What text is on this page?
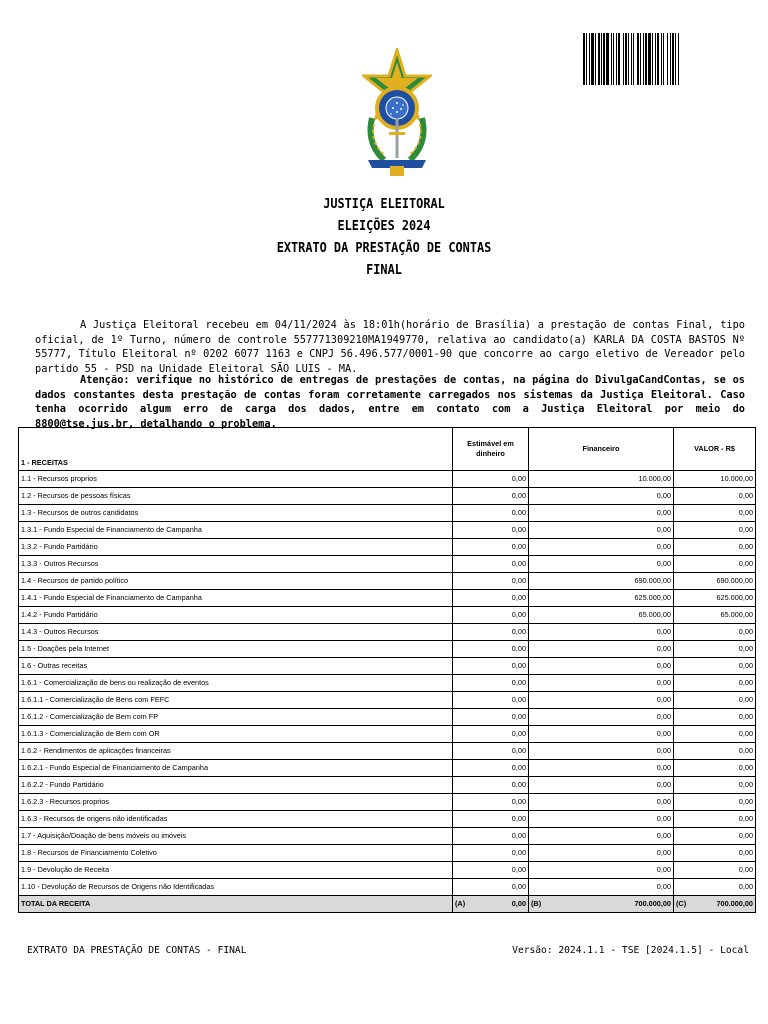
JUSTIÇA ELEITORAL
ELEIÇÕES 2024
EXTRATO DA PRESTAÇÃO DE CONTAS
FINAL

A Justiça Eleitoral recebeu em 04/11/2024 às 18:01h(horário de Brasília) a prestação de contas Final, tipo oficial, de 1º Turno, número de controle 557771309210MA1949770, relativa ao candidato(a) KARLA DA COSTA BASTOS Nº 55777, Título Eleitoral nº 0202 6077 1163 e CNPJ 56.496.577/0001-90 que concorre ao cargo eletivo de Vereador pelo partido 55 - PSD na Unidade Eleitoral SÃO LUIS - MA.

Atenção: verifique no histórico de entregas de prestações de contas, na página do DivulgaCandContas, se os dados constantes desta prestação de contas foram corretamente carregados nos sistemas da Justiça Eleitoral. Caso tenha ocorrido algum erro de carga dos dados, entre em contato com a Justiça Eleitoral por meio do 8800@tse.jus.br, detalhando o problema.

1 - RECEITAS	Estimável em dinheiro	Financeiro	VALOR - R$
1.1 - Recursos proprios	0,00	10.000,00	10.000,00
1.2 - Recursos de pessoas físicas	0,00	0,00	0,00
1.3 - Recursos de outros candidatos	0,00	0,00	0,00
1.3.1 - Fundo Especial de Financiamento de Campanha	0,00	0,00	0,00
1.3.2 - Fundo Partidário	0,00	0,00	0,00
1.3.3 - Outros Recursos	0,00	0,00	0,00
1.4 - Recursos de partido político	0,00	690.000,00	690.000,00
1.4.1 - Fundo Especial de Financiamento de Campanha	0,00	625.000,00	625.000,00
1.4.2 - Fundo Partidário	0,00	65.000,00	65.000,00
1.4.3 - Outros Recursos	0,00	0,00	0,00
1.5 - Doações pela Internet	0,00	0,00	0,00
1.6 - Outras receitas	0,00	0,00	0,00
1.6.1 - Comercialização de bens ou realização de eventos	0,00	0,00	0,00
1.6.1.1 - Comercialização de Bens com FEFC	0,00	0,00	0,00
1.6.1.2 - Comercialização de Bem com FP	0,00	0,00	0,00
1.6.1.3 - Comercialização de Bem com OR	0,00	0,00	0,00
1.6.2 - Rendimentos de aplicações financeiras	0,00	0,00	0,00
1.6.2.1 - Fundo Especial de Financiamento de Campanha	0,00	0,00	0,00
1.6.2.2 - Fundo Partidário	0,00	0,00	0,00
1.6.2.3 - Recursos proprios	0,00	0,00	0,00
1.6.3 - Recursos de origens não identificadas	0,00	0,00	0,00
1.7 - Aquisição/Doação de bens móveis ou imóveis	0,00	0,00	0,00
1.8 - Recursos de Financiamento Coletivo	0,00	0,00	0,00
1.9 - Devolução de Receita	0,00	0,00	0,00
1.10 - Devolução de Recursos de Origens não Identificadas	0,00	0,00	0,00
TOTAL DA RECEITA	(A) 0,00	(B) 700.000,00	(C) 700.000,00
EXTRATO DA PRESTAÇÃO DE CONTAS - FINAL	Versão: 2024.1.1 - TSE [2024.1.5] - Local
